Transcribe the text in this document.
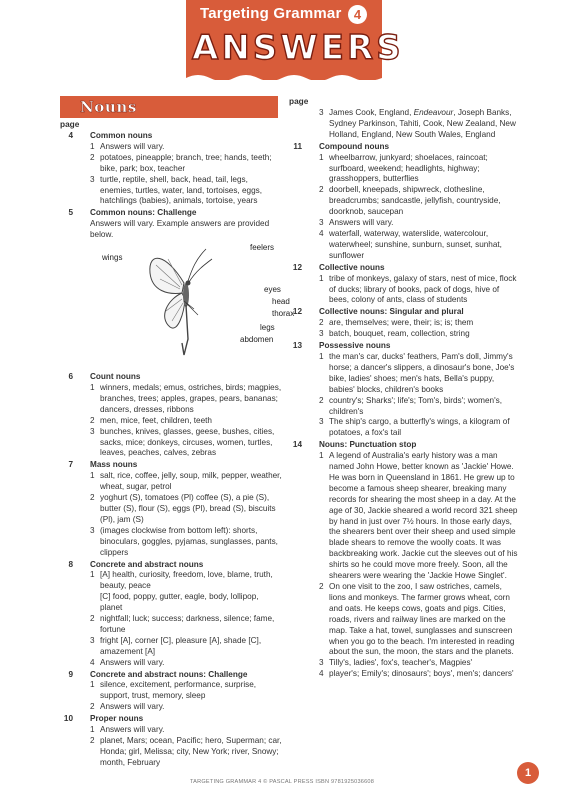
Targeting Grammar 4
ANSWERS
Nouns
page
4 Common nouns
1 Answers will vary.
2 potatoes, pineapple; branch, tree; hands, teeth; bike, park; box, teacher
3 turtle, reptile, shell, back, head, tail, legs, enemies, turtles, water, land, tortoises, eggs, hatchlings (babies), animals, tortoise, years
5 Common nouns: Challenge
Answers will vary. Example answers are provided below.
wings
feelers
eyes
head
thorax
legs
abdomen
6 Count nouns
1 winners, medals; emus, ostriches, birds; magpies, branches, trees; apples, grapes, pears, bananas; dancers, dresses, ribbons
2 men, mice, feet, children, teeth
3 bunches, knives, glasses, geese, bushes, cities, sacks, mice; donkeys, circuses, women, turtles, leaves, peaches, calves, zebras
7 Mass nouns
1 salt, rice, coffee, jelly, soup, milk, pepper, weather, wheat, sugar, petrol
2 yoghurt (S), tomatoes (Pl) coffee (S), a pie (S), butter (S), flour (S), eggs (Pl), bread (S), biscuits (Pl), jam (S)
3 (images clockwise from bottom left): shorts, binoculars, goggles, pyjamas, sunglasses, pants, clippers
8 Concrete and abstract nouns
1 [A] health, curiosity, freedom, love, blame, truth, beauty, peace
[C] food, poppy, gutter, eagle, body, lollipop, planet
2 nightfall; luck; success; darkness, silence; fame, fortune
3 fright [A], corner [C], pleasure [A], shade [C], amazement [A]
4 Answers will vary.
9 Concrete and abstract nouns: Challenge
1 silence, excitement, performance, surprise, support, trust, memory, sleep
2 Answers will vary.
10 Proper nouns
1 Answers will vary.
2 planet, Mars; ocean, Pacific; hero, Superman; car, Honda; girl, Melissa; city, New York; river, Snowy; month, February
page
3 James Cook, England, Endeavour, Joseph Banks, Sydney Parkinson, Tahiti, Cook, New Zealand, New Holland, England, New South Wales, England
11 Compound nouns
1 wheelbarrow, junkyard; shoelaces, raincoat; surfboard, weekend; headlights, highway; grasshoppers, butterflies
2 doorbell, kneepads, shipwreck, clothesline, breadcrumbs; sandcastle, jellyfish, countryside, doorknob, saucepan
3 Answers will vary.
4 waterfall, waterway, waterslide, watercolour, waterwheel; sunshine, sunburn, sunset, sunhat, sunflower
12 Collective nouns
1 tribe of monkeys, galaxy of stars, nest of mice, flock of ducks; library of books, pack of dogs, hive of bees, colony of ants, class of students
12 Collective nouns: Singular and plural
2 are, themselves; were, their; is; is; them
3 batch, bouquet, ream, collection, string
13 Possessive nouns
1 the man's car, ducks' feathers, Pam's doll, Jimmy's horse; a dancer's slippers, a dinosaur's bone, Joe's bike, ladies' shoes; men's hats, Bella's puppy, babies' blocks, children's books
2 country's; Sharks'; life's; Tom's, birds'; women's, children's
3 The ship's cargo, a butterfly's wings, a kilogram of potatoes, a fox's tail
14 Nouns: Punctuation stop
1 A legend of Australia's early history was a man named John Howe, better known as 'Jackie' Howe. He was born in Queensland in 1861. He grew up to become a famous sheep shearer, breaking many records for shearing the most sheep in a day. At the age of 30, Jackie sheared a world record 321 sheep by hand in just over 7½ hours. In those early days, the shearers bent over their sheep and used simple blade shears to remove the woolly coats. It was backbreaking work. Jackie cut the sleeves out of his shirts so he could move more freely. Soon, all the shearers were wearing the 'Jackie Howe Singlet'.
2 On one visit to the zoo, I saw ostriches, camels, lions and monkeys. The farmer grows wheat, corn and oats. He keeps cows, goats and pigs. Cities, roads, rivers and railway lines are marked on the map. Take a hat, towel, sunglasses and sunscreen when you go to the beach. I'm interested in reading about the sun, the moon, the stars and the planets.
3 Tilly's, ladies', fox's, teacher's, Magpies'
4 player's; Emily's; dinosaurs'; boys', men's; dancers'
TARGETING GRAMMAR 4 © PASCAL PRESS ISBN 9781925036608
1
